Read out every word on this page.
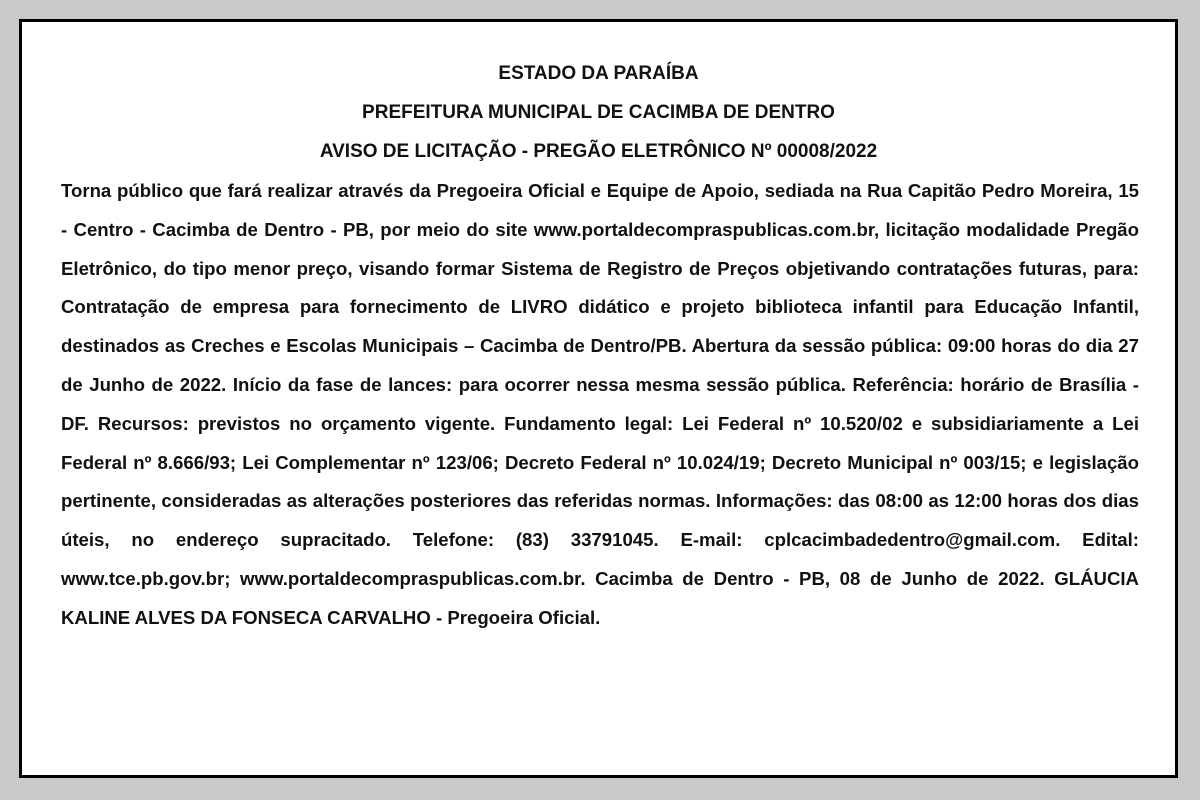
ESTADO DA PARAÍBA

PREFEITURA MUNICIPAL DE CACIMBA DE DENTRO

AVISO DE LICITAÇÃO - PREGÃO ELETRÔNICO Nº 00008/2022

Torna público que fará realizar através da Pregoeira Oficial e Equipe de Apoio, sediada na Rua Capitão Pedro Moreira, 15 - Centro - Cacimba de Dentro - PB, por meio do site www.portaldecompraspublicas.com.br, licitação modalidade Pregão Eletrônico, do tipo menor preço, visando formar Sistema de Registro de Preços objetivando contratações futuras, para: Contratação de empresa para fornecimento de LIVRO didático e projeto biblioteca infantil para Educação Infantil, destinados as Creches e Escolas Municipais – Cacimba de Dentro/PB. Abertura da sessão pública: 09:00 horas do dia 27 de Junho de 2022. Início da fase de lances: para ocorrer nessa mesma sessão pública. Referência: horário de Brasília - DF. Recursos: previstos no orçamento vigente. Fundamento legal: Lei Federal nº 10.520/02 e subsidiariamente a Lei Federal nº 8.666/93; Lei Complementar nº 123/06; Decreto Federal nº 10.024/19; Decreto Municipal nº 003/15; e legislação pertinente, consideradas as alterações posteriores das referidas normas. Informações: das 08:00 as 12:00 horas dos dias úteis, no endereço supracitado. Telefone: (83) 33791045. E-mail: cplcacimbadedentro@gmail.com. Edital: www.tce.pb.gov.br; www.portaldecompraspublicas.com.br. Cacimba de Dentro - PB, 08 de Junho de 2022. GLÁUCIA KALINE ALVES DA FONSECA CARVALHO - Pregoeira Oficial.
